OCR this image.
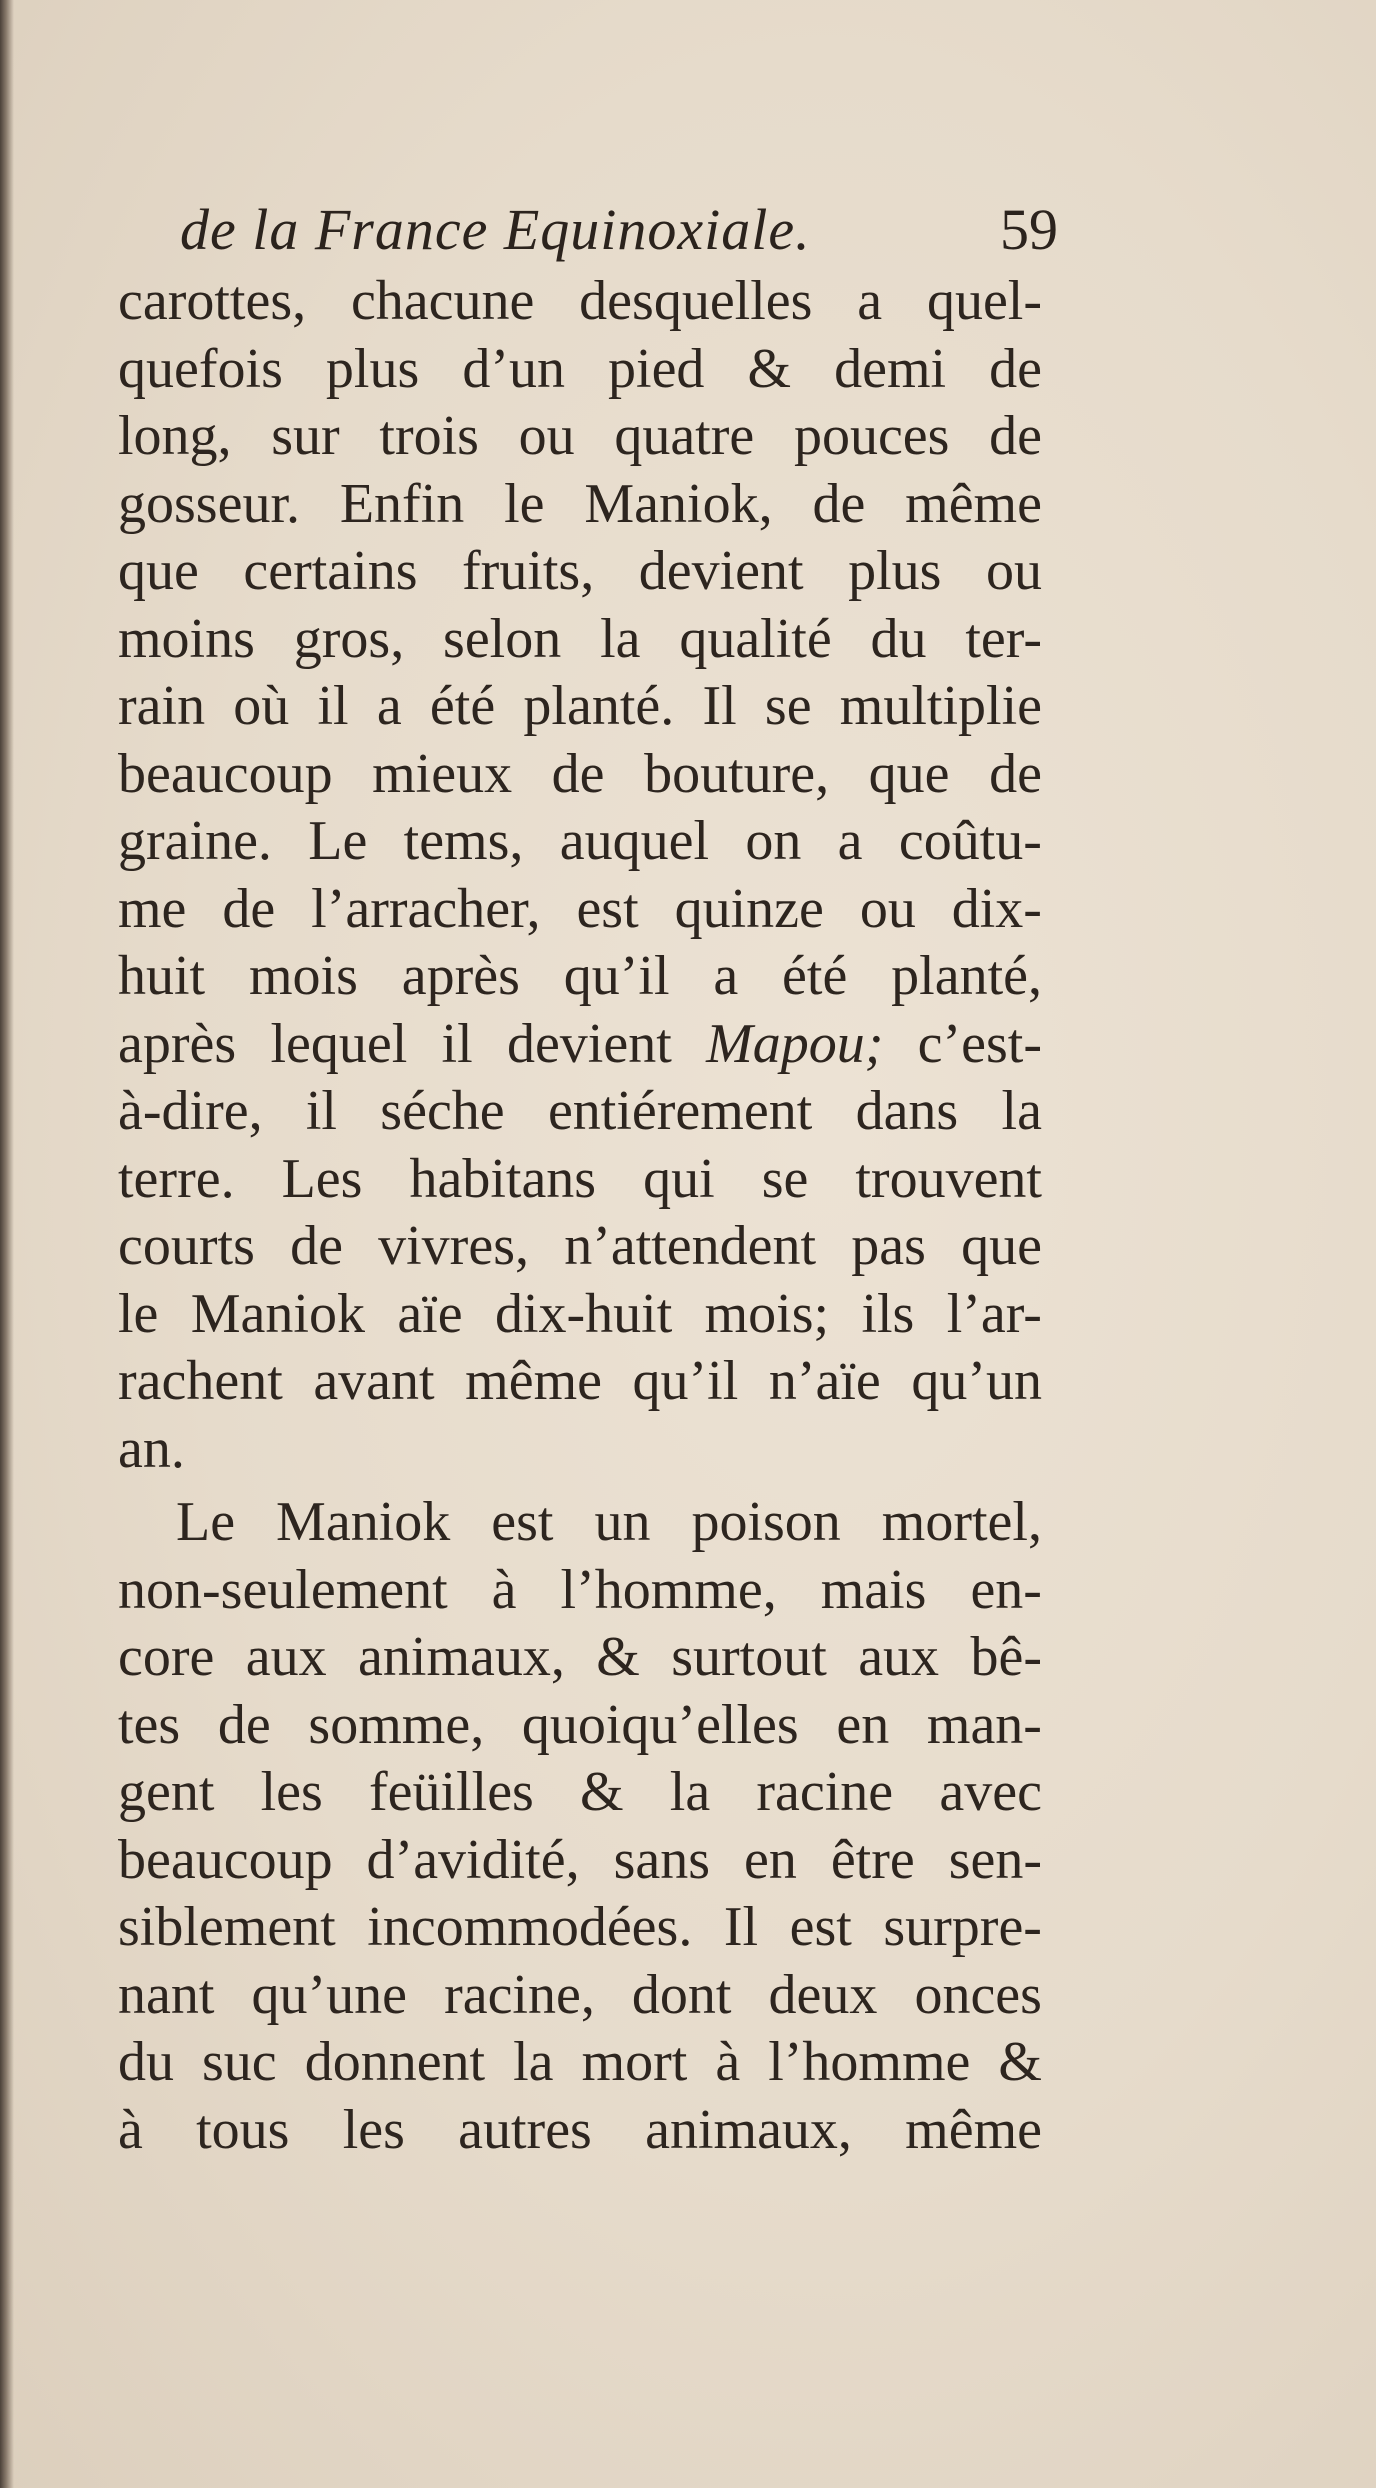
de la France Equinoxiale.	59
carottes, chacune desquelles a quel-
quefois plus d’un pied & demi de
long, sur trois ou quatre pouces de
gosseur. Enfin le Maniok, de même
que certains fruits, devient plus ou
moins gros, selon la qualité du ter-
rain où il a été planté. Il se multiplie
beaucoup mieux de bouture, que de
graine. Le tems, auquel on a coûtu-
me de l’arracher, est quinze ou dix-
huit mois après qu’il a été planté,
après lequel il devient Mapou; c’est-
à-dire, il séche entiérement dans la
terre. Les habitans qui se trouvent
courts de vivres, n’attendent pas que
le Maniok aïe dix-huit mois; ils l’ar-
rachent avant même qu’il n’aïe qu’un
an.
Le Maniok est un poison mortel,
non-seulement à l’homme, mais en-
core aux animaux, & surtout aux bê-
tes de somme, quoiqu’elles en man-
gent les feüilles & la racine avec
beaucoup d’avidité, sans en être sen-
siblement incommodées. Il est surpre-
nant qu’une racine, dont deux onces
du suc donnent la mort à l’homme &
à tous les autres animaux, même
